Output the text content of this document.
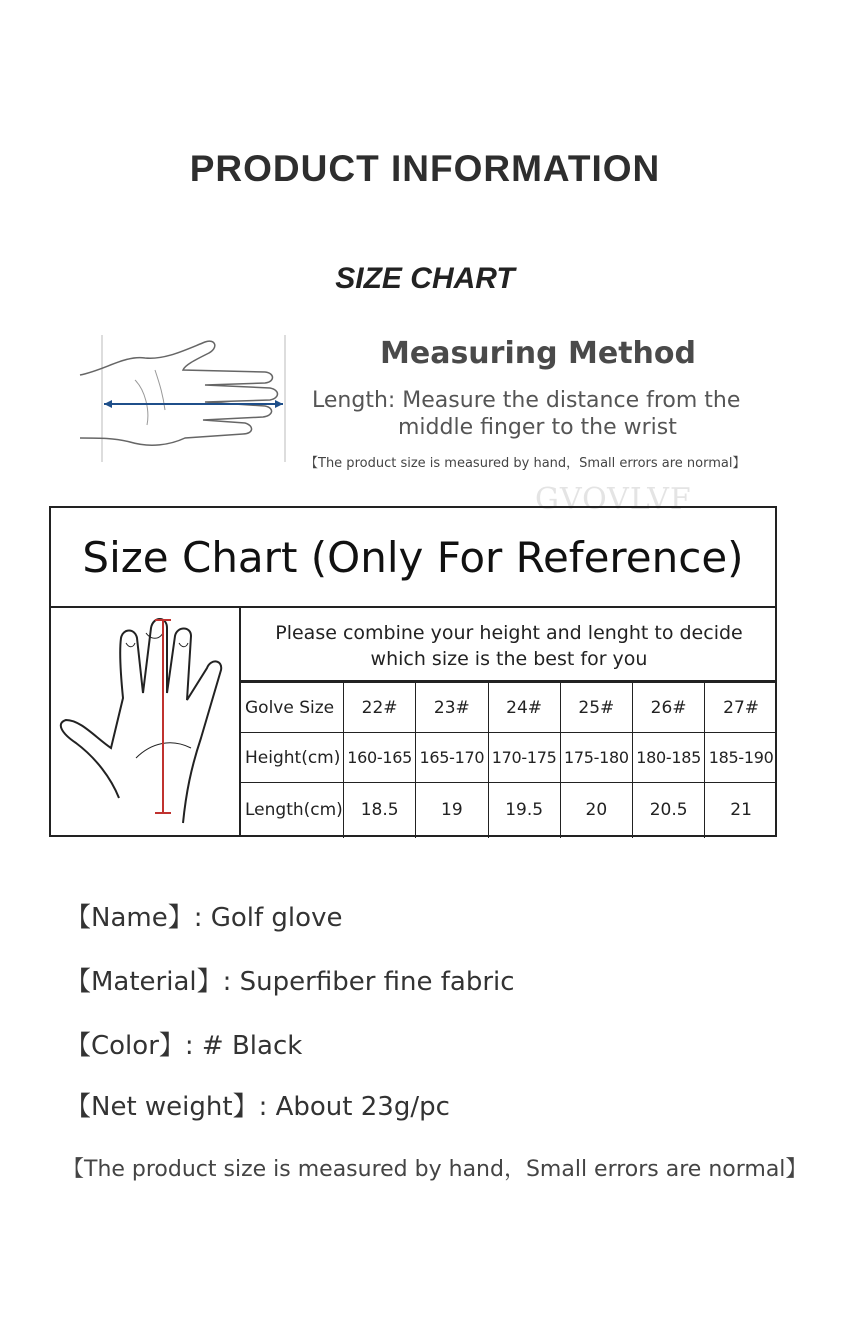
PRODUCT INFORMATION
SIZE CHART
Measuring Method
Length: Measure the distance from the
middle finger to the wrist
【The product size is measured by hand，Small errors are normal】
GVOVLVF
Size Chart (Only For Reference)
Please combine your height and lenght to decide
which size is the best for you
Golve Size	22#	23#	24#	25#	26#	27#
Height(cm)	160-165	165-170	170-175	175-180	180-185	185-190
Length(cm)	18.5	19	19.5	20	20.5	21
【Name】: Golf glove
【Material】: Superfiber fine fabric
【Color】: # Black
【Net weight】: About 23g/pc
【The product size is measured by hand，Small errors are normal】
